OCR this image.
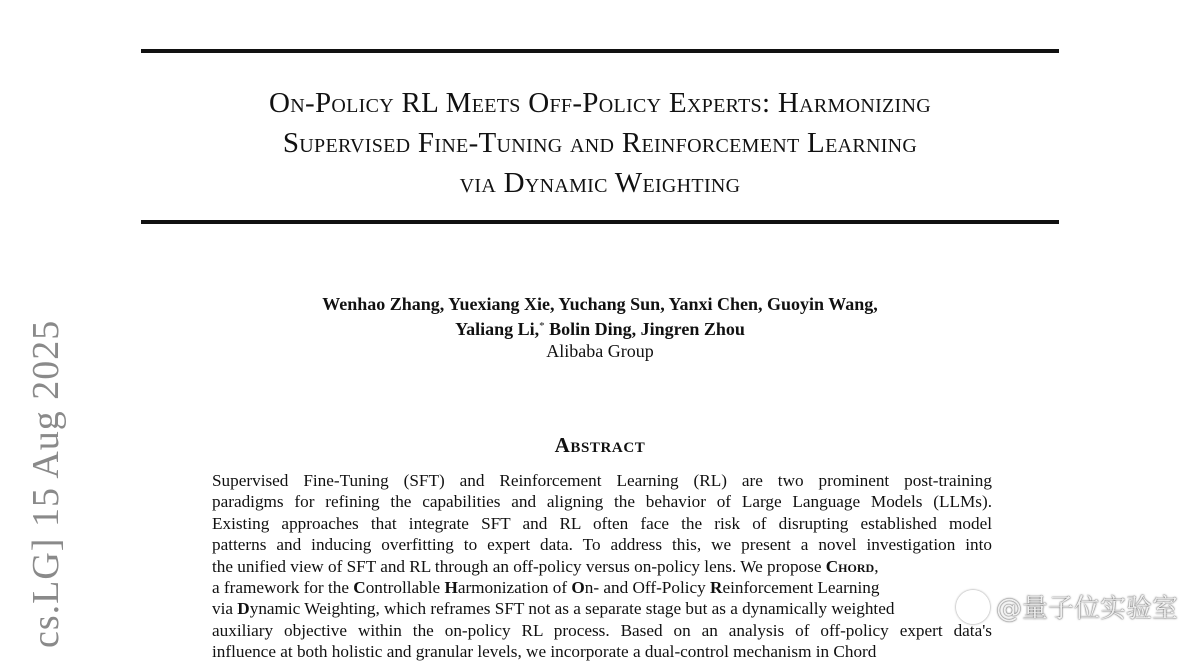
On-Policy RL Meets Off-Policy Experts: Harmonizing
Supervised Fine-Tuning and Reinforcement Learning
via Dynamic Weighting
Wenhao Zhang, Yuexiang Xie, Yuchang Sun, Yanxi Chen, Guoyin Wang,
Yaliang Li,* Bolin Ding, Jingren Zhou
Alibaba Group
Abstract
Supervised Fine-Tuning (SFT) and Reinforcement Learning (RL) are two prominent post-training
paradigms for refining the capabilities and aligning the behavior of Large Language Models (LLMs).
Existing approaches that integrate SFT and RL often face the risk of disrupting established model
patterns and inducing overfitting to expert data. To address this, we present a novel investigation into
the unified view of SFT and RL through an off-policy versus on-policy lens. We propose Chord,
a framework for the Controllable Harmonization of On- and Off-Policy Reinforcement Learning
via Dynamic Weighting, which reframes SFT not as a separate stage but as a dynamically weighted
auxiliary objective within the on-policy RL process. Based on an analysis of off-policy expert data's
influence at both holistic and granular levels, we incorporate a dual-control mechanism in Chord
cs.LG] 15 Aug 2025	@量子位实验室
